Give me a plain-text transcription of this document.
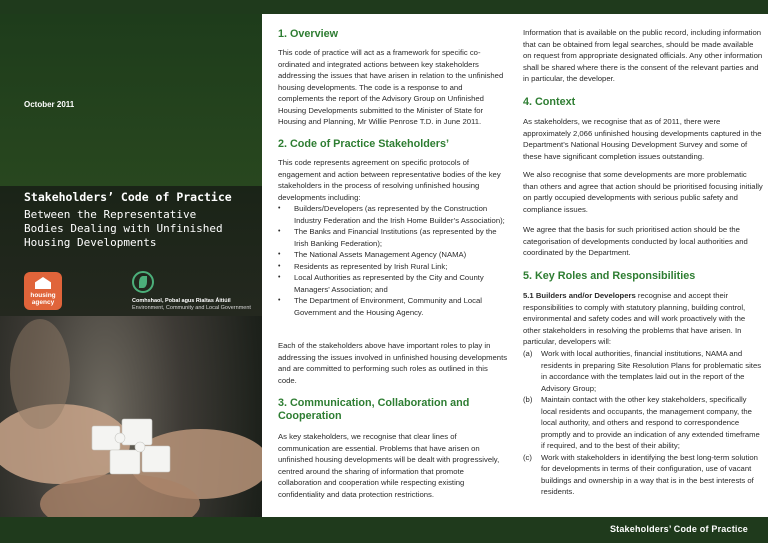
October 2011
Stakeholders’ Code of Practice
Between the Representative Bodies Dealing with Unfinished Housing Developments
housing
agency	Comhshaol, Pobal agus Rialtas Áitiúil
Environment, Community and Local Government
1. Overview

This code of practice will act as a framework for specific co-ordinated and integrated actions between key stakeholders addressing the issues that have arisen in relation to the unfinished housing developments. The code is a response to and complements the report of the Advisory Group on Unfinished Housing Developments submitted to the Minister of State for Housing and Planning, Mr Willie Penrose T.D. in June 2011.

2. Code of Practice Stakeholders’

This code represents agreement on specific protocols of engagement and action between representative bodies of the key stakeholders in the process of resolving unfinished housing developments including:

• Builders/Developers (as represented by the Construction Industry Federation and the Irish Home Builder’s Association);
• The Banks and Financial Institutions (as represented by the Irish Banking Federation);
• The National Assets Management Agency (NAMA)
• Residents as represented by Irish Rural Link;
• Local Authorities as represented by the City and County Managers’ Association; and
• The Department of Environment, Community and Local Government and the Housing Agency.

Each of the stakeholders above have important roles to play in addressing the issues involved in unfinished housing developments and are committed to performing such roles as outlined in this code.

3. Communication, Collaboration and Cooperation

As key stakeholders, we recognise that clear lines of communication are essential. Problems that have arisen on unfinished housing developments will be dealt with progressively, centred around the sharing of information that promote collaboration and cooperation while respecting existing confidentiality and data protection restrictions.

Information that is available on the public record, including information that can be obtained from legal searches, should be made available on request from appropriate designated officials. Any other information shall be shared where there is the consent of the relevant parties and in particular, the developer.

4. Context

As stakeholders, we recognise that as of 2011, there were approximately 2,066 unfinished housing developments captured in the Department’s National Housing Development Survey and some of these have significant completion issues outstanding.

We also recognise that some developments are more problematic than others and agree that action should be prioritised focusing initially on partly occupied developments with serious public safety and compliance issues.

We agree that the basis for such prioritised action should be the categorisation of developments conducted by local authorities and coordinated by the Department.

5. Key Roles and Responsibilities

5.1 Builders and/or Developers recognise and accept their responsibilities to comply with statutory planning, building control, environmental and safety codes and will work proactively with the other stakeholders in resolving the problems that have arisen. In particular, developers will:

(a) Work with local authorities, financial institutions, NAMA and residents in preparing Site Resolution Plans for problematic sites in accordance with the templates laid out in the report of the Advisory Group;
(b) Maintain contact with the other key stakeholders, specifically local residents and occupants, the management company, the local authority, and others and respond to correspondence promptly and to provide an indication of any extended timeframe if required, and to the best of their ability;
(c) Work with stakeholders in identifying the best long-term solution for developments in terms of their configuration, use of vacant buildings and ownership in a way that is in the best interests of residents.
Stakeholders’ Code of Practice
